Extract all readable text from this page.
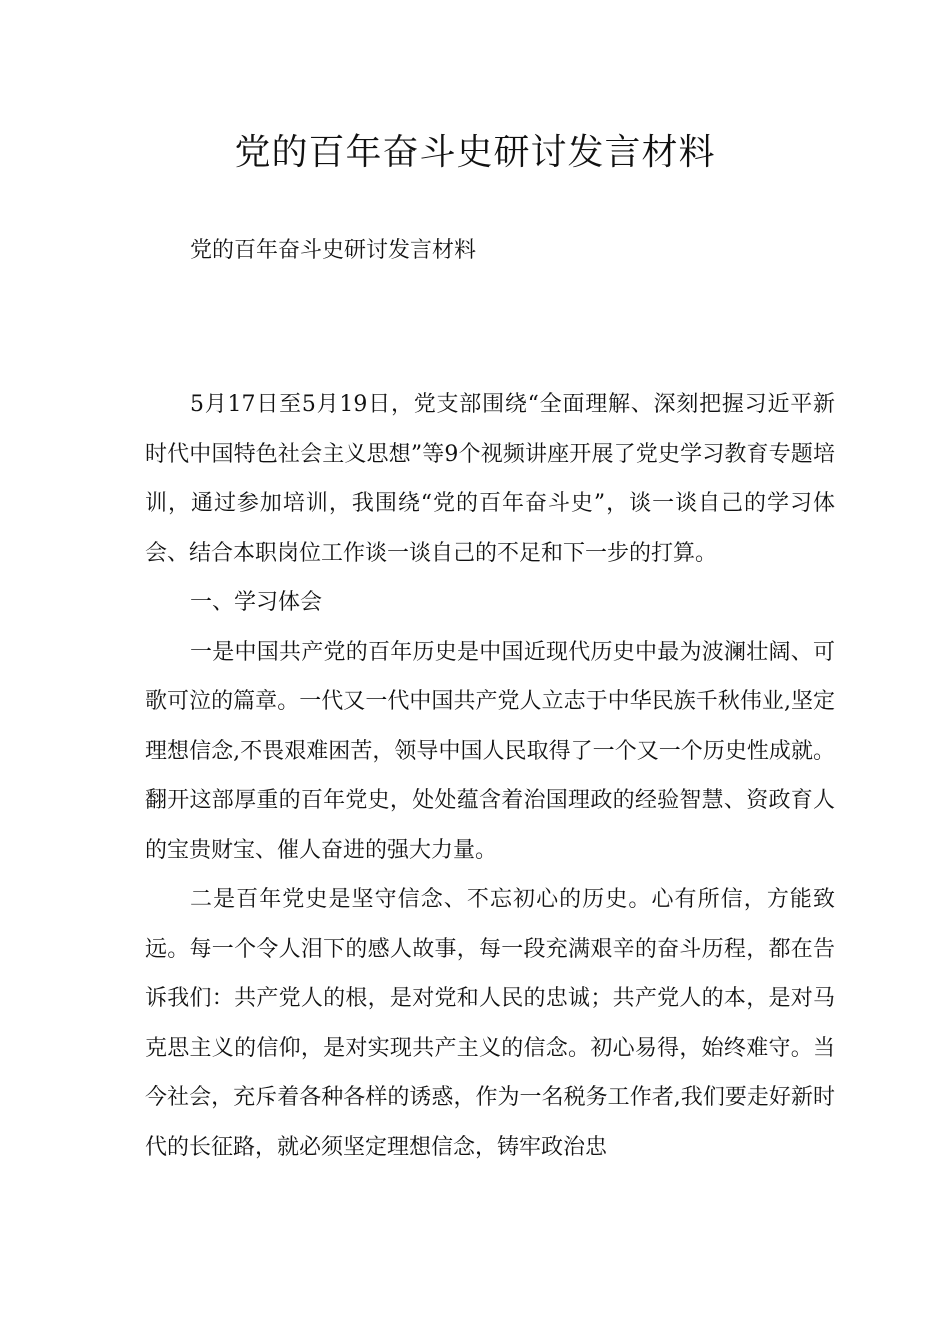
党的百年奋斗史研讨发言材料

党的百年奋斗史研讨发言材料

5月17日至5月19日，党支部围绕“全面理解、深刻把握习近平新时代中国特色社会主义思想”等9个视频讲座开展了党史学习教育专题培训，通过参加培训，我围绕“党的百年奋斗史”，谈一谈自己的学习体会、结合本职岗位工作谈一谈自己的不足和下一步的打算。

一、学习体会

一是中国共产党的百年历史是中国近现代历史中最为波澜壮阔、可歌可泣的篇章。一代又一代中国共产党人立志于中华民族千秋伟业,坚定理想信念,不畏艰难困苦，领导中国人民取得了一个又一个历史性成就。翻开这部厚重的百年党史，处处蕴含着治国理政的经验智慧、资政育人的宝贵财宝、催人奋进的强大力量。

二是百年党史是坚守信念、不忘初心的历史。心有所信，方能致远。每一个令人泪下的感人故事，每一段充满艰辛的奋斗历程，都在告诉我们：共产党人的根，是对党和人民的忠诚；共产党人的本，是对马克思主义的信仰，是对实现共产主义的信念。初心易得，始终难守。当今社会，充斥着各种各样的诱惑，作为一名税务工作者,我们要走好新时代的长征路，就必须坚定理想信念，铸牢政治忠
